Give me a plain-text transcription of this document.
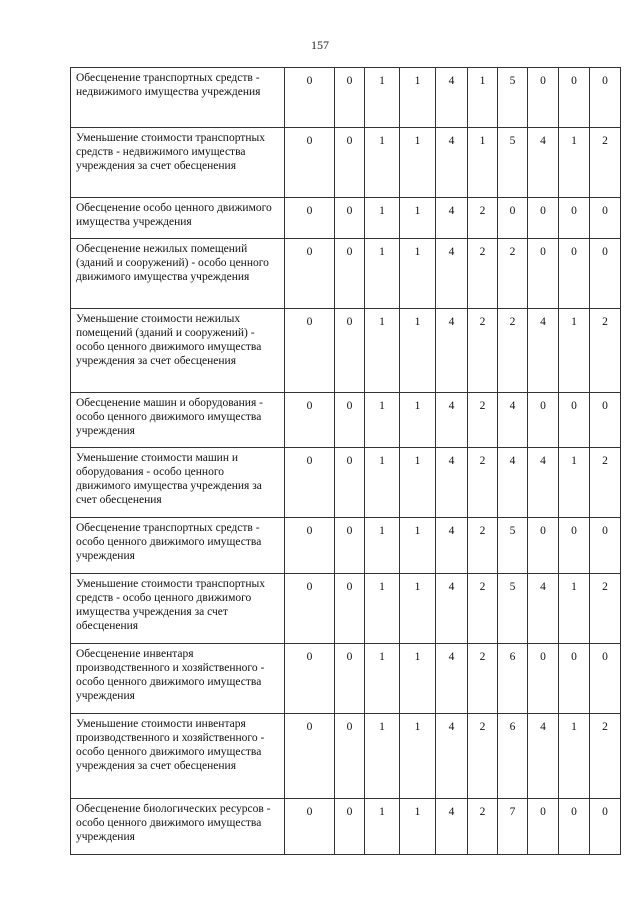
157
Обесценение транспортных средств - недвижимого имущества учреждения	0	0	1	1	4	1	5	0	0	0
Уменьшение стоимости транспортных средств - недвижимого имущества учреждения за счет обесценения	0	0	1	1	4	1	5	4	1	2
Обесценение особо ценного движимого имущества учреждения	0	0	1	1	4	2	0	0	0	0
Обесценение нежилых помещений (зданий и сооружений) - особо ценного движимого имущества учреждения	0	0	1	1	4	2	2	0	0	0
Уменьшение стоимости нежилых помещений (зданий и сооружений) - особо ценного движимого имущества учреждения за счет обесценения	0	0	1	1	4	2	2	4	1	2
Обесценение машин и оборудования - особо ценного движимого имущества учреждения	0	0	1	1	4	2	4	0	0	0
Уменьшение стоимости машин и оборудования - особо ценного движимого имущества учреждения за счет обесценения	0	0	1	1	4	2	4	4	1	2
Обесценение транспортных средств - особо ценного движимого имущества учреждения	0	0	1	1	4	2	5	0	0	0
Уменьшение стоимости транспортных средств - особо ценного движимого имущества учреждения за счет обесценения	0	0	1	1	4	2	5	4	1	2
Обесценение инвентаря производственного и хозяйственного - особо ценного движимого имущества учреждения	0	0	1	1	4	2	6	0	0	0
Уменьшение стоимости инвентаря производственного и хозяйственного - особо ценного движимого имущества учреждения за счет обесценения	0	0	1	1	4	2	6	4	1	2
Обесценение биологических ресурсов - особо ценного движимого имущества учреждения	0	0	1	1	4	2	7	0	0	0
